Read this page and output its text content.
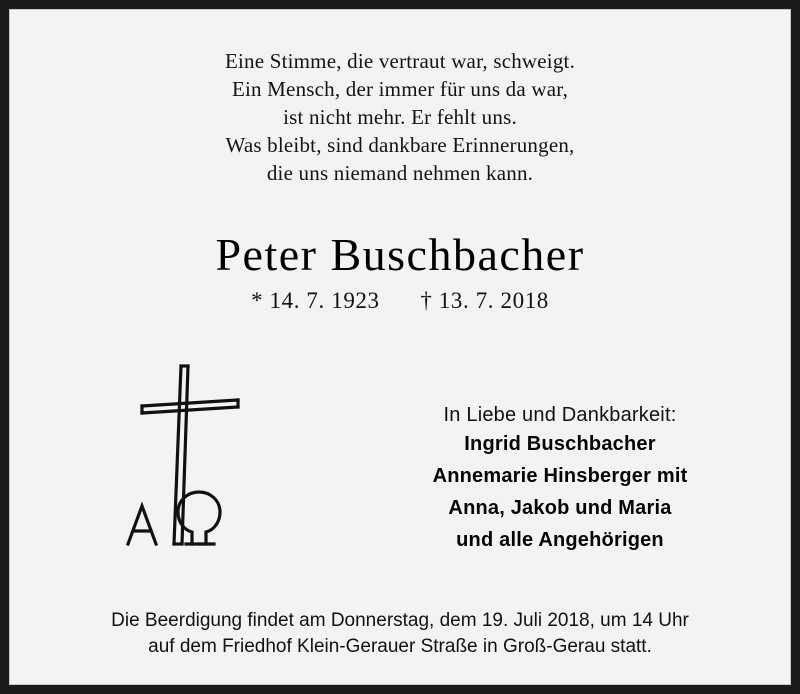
Eine Stimme, die vertraut war, schweigt.
Ein Mensch, der immer für uns da war,
ist nicht mehr. Er fehlt uns.
Was bleibt, sind dankbare Erinnerungen,
die uns niemand nehmen kann.
Peter Buschbacher
* 14. 7. 1923 † 13. 7. 2018
In Liebe und Dankbarkeit:
Ingrid Buschbacher
Annemarie Hinsberger mit
Anna, Jakob und Maria
und alle Angehörigen
Die Beerdigung findet am Donnerstag, dem 19. Juli 2018, um 14 Uhr
auf dem Friedhof Klein-Gerauer Straße in Groß-Gerau statt.
